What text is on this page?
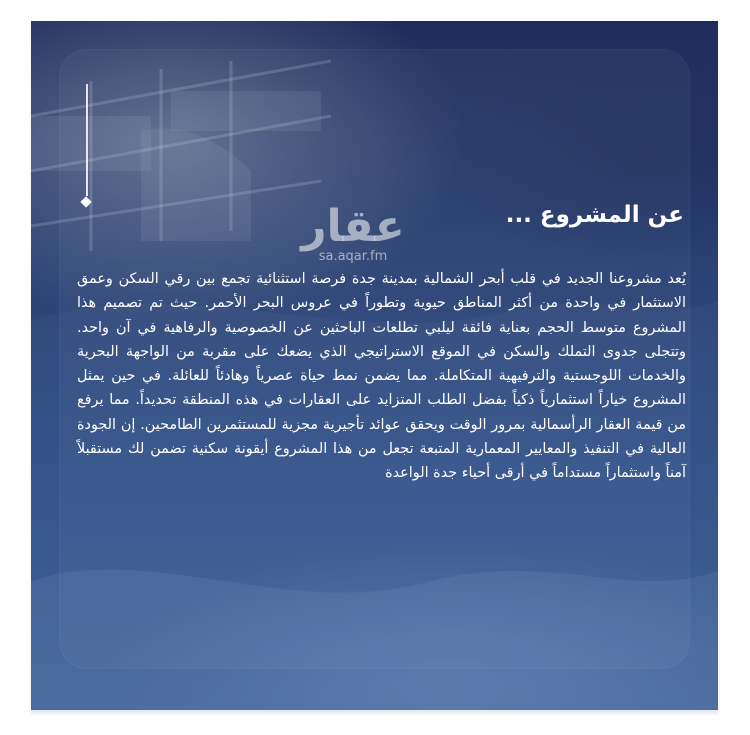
عن المشروع ...
عقار
sa.aqar.fm

يُعد مشروعنا الجديد في قلب أبحر الشمالية بمدينة جدة فرصة استثنائية تجمع بين رقي السكن وعمق الاستثمار في واحدة من أكثر المناطق حيوية وتطوراً في عروس البحر الأحمر. حيث تم تصميم هذا المشروع متوسط الحجم بعناية فائقة ليلبي تطلعات الباحثين عن الخصوصية والرفاهية في آن واحد. وتتجلى جدوى التملك والسكن في الموقع الاستراتيجي الذي يضعك على مقربة من الواجهة البحرية والخدمات اللوجستية والترفيهية المتكاملة. مما يضمن نمط حياة عصرياً وهادئاً للعائلة. في حين يمثل المشروع خياراً استثمارياً ذكياً بفضل الطلب المتزايد على العقارات في هذه المنطقة تحديداً. مما يرفع من قيمة العقار الرأسمالية بمرور الوقت ويحقق عوائد تأجيرية مجزية للمستثمرين الطامحين. إن الجودة العالية في التنفيذ والمعايير المعمارية المتبعة تجعل من هذا المشروع أيقونة سكنية تضمن لك مستقبلاً آمناً واستثماراً مستداماً في أرقى أحياء جدة الواعدة
